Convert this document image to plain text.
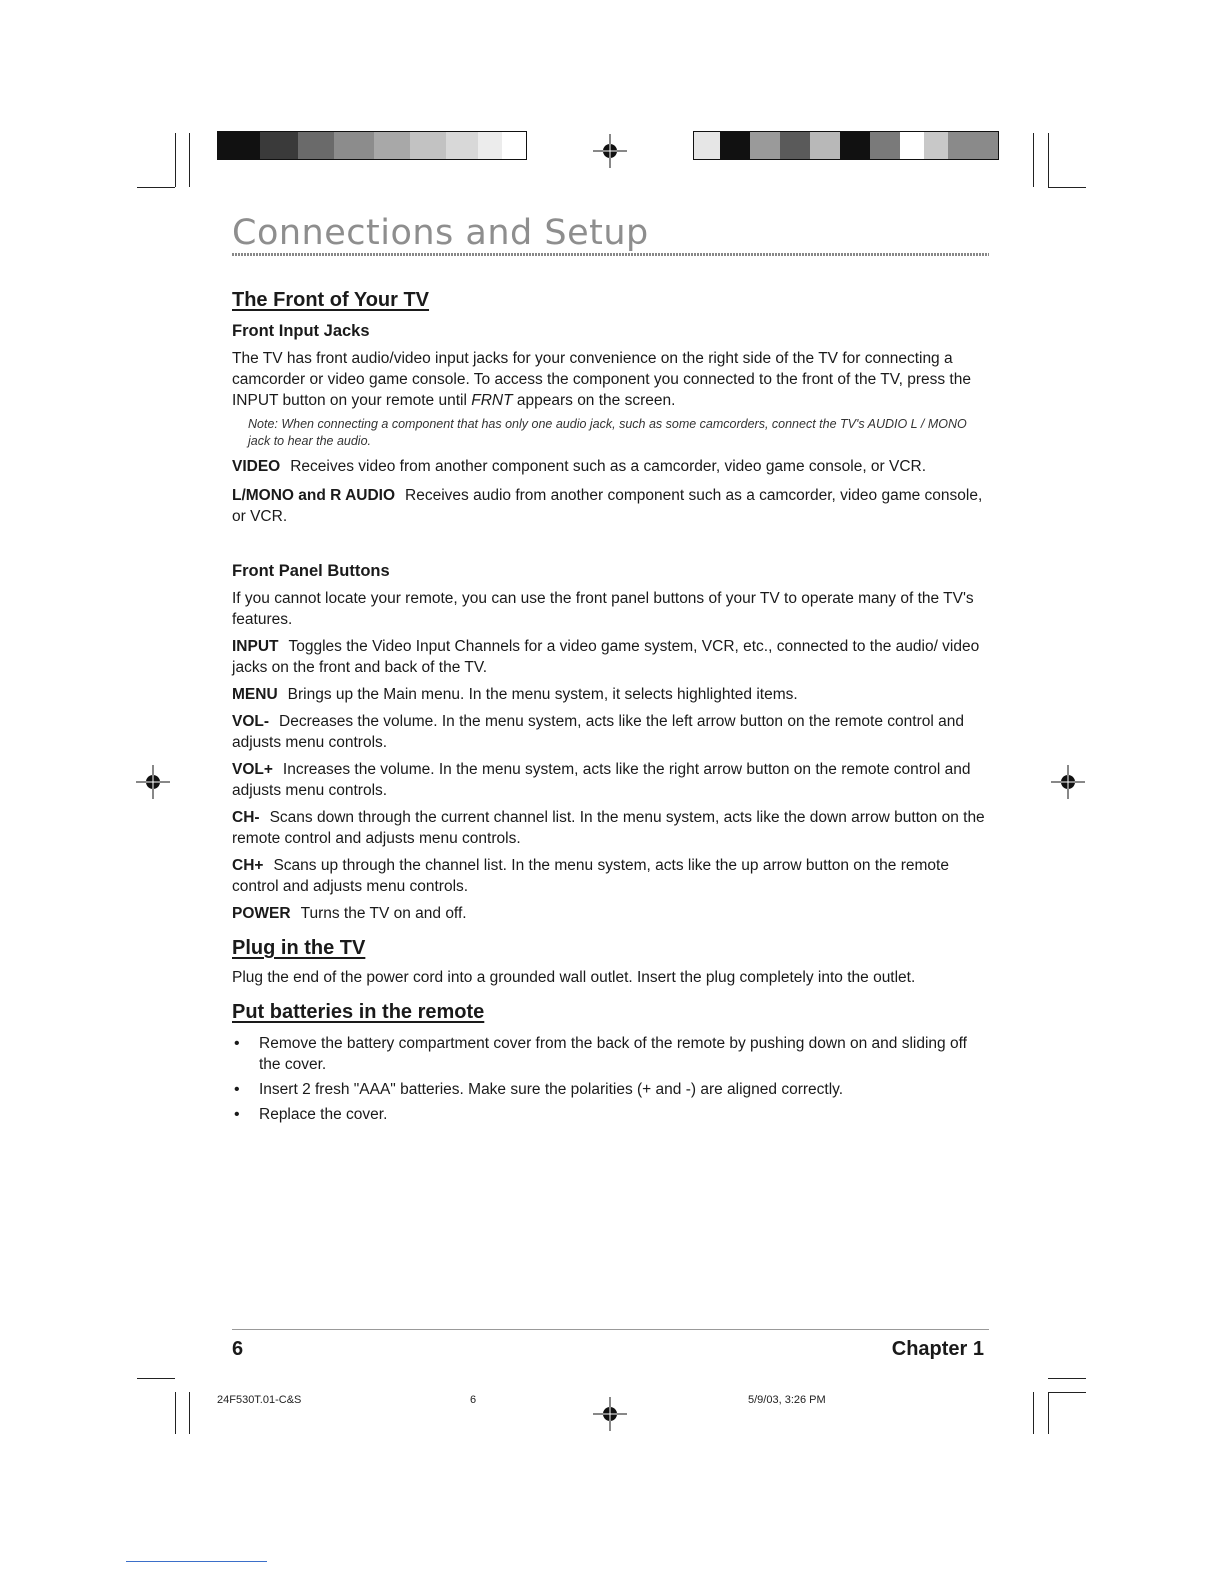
Connections and Setup
The Front of Your TV
Front Input Jacks

The TV has front audio/video input jacks for your convenience on the right side of the TV for connecting a camcorder or video game console. To access the component you connected to the front of the TV, press the INPUT button on your remote until FRNT appears on the screen.

Note: When connecting a component that has only one audio jack, such as some camcorders, connect the TV's AUDIO L / MONO jack to hear the audio.

VIDEO Receives video from another component such as a camcorder, video game console, or VCR.

L/MONO and R AUDIO Receives audio from another component such as a camcorder, video game console, or VCR.

Front Panel Buttons

If you cannot locate your remote, you can use the front panel buttons of your TV to operate many of the TV's features.

INPUT Toggles the Video Input Channels for a video game system, VCR, etc., connected to the audio/ video jacks on the front and back of the TV.

MENU Brings up the Main menu. In the menu system, it selects highlighted items.

VOL- Decreases the volume. In the menu system, acts like the left arrow button on the remote control and adjusts menu controls.

VOL+ Increases the volume. In the menu system, acts like the right arrow button on the remote control and adjusts menu controls.

CH- Scans down through the current channel list. In the menu system, acts like the down arrow button on the remote control and adjusts menu controls.

CH+ Scans up through the channel list. In the menu system, acts like the up arrow button on the remote control and adjusts menu controls.

POWER Turns the TV on and off.

Plug in the TV

Plug the end of the power cord into a grounded wall outlet. Insert the plug completely into the outlet.

Put batteries in the remote
• Remove the battery compartment cover from the back of the remote by pushing down on and sliding off the cover.
• Insert 2 fresh "AAA" batteries. Make sure the polarities (+ and -) are aligned correctly.
• Replace the cover.
6	Chapter 1
24F530T.01-C&S	6	5/9/03, 3:26 PM
